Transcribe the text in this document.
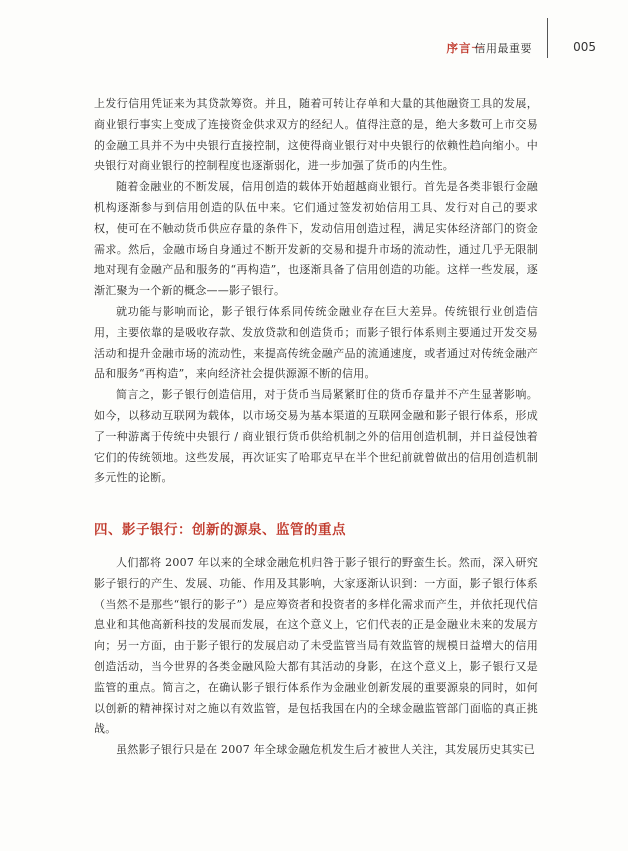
序言一
信用最重要	005

上发行信用凭证来为其贷款筹资。并且，随着可转让存单和大量的其他融资工具的发展，商业银行事实上变成了连接资金供求双方的经纪人。值得注意的是，绝大多数可上市交易的金融工具并不为中央银行直接控制，这使得商业银行对中央银行的依赖性趋向缩小。中央银行对商业银行的控制程度也逐渐弱化，进一步加强了货币的内生性。

随着金融业的不断发展，信用创造的载体开始超越商业银行。首先是各类非银行金融机构逐渐参与到信用创造的队伍中来。它们通过签发初始信用工具、发行对自己的要求权，使可在不触动货币供应存量的条件下，发动信用创造过程，满足实体经济部门的资金需求。然后，金融市场自身通过不断开发新的交易和提升市场的流动性，通过几乎无限制地对现有金融产品和服务的“再构造”，也逐渐具备了信用创造的功能。这样一些发展，逐渐汇聚为一个新的概念——影子银行。

就功能与影响而论，影子银行体系同传统金融业存在巨大差异。传统银行业创造信用，主要依靠的是吸收存款、发放贷款和创造货币；而影子银行体系则主要通过开发交易活动和提升金融市场的流动性，来提高传统金融产品的流通速度，或者通过对传统金融产品和服务“再构造”，来向经济社会提供源源不断的信用。

简言之，影子银行创造信用，对于货币当局紧紧盯住的货币存量并不产生显著影响。如今，以移动互联网为载体，以市场交易为基本渠道的互联网金融和影子银行体系，形成了一种游离于传统中央银行 / 商业银行货币供给机制之外的信用创造机制，并日益侵蚀着它们的传统领地。这些发展，再次证实了哈耶克早在半个世纪前就曾做出的信用创造机制多元性的论断。

四、影子银行：创新的源泉、监管的重点

人们都将 2007 年以来的全球金融危机归咎于影子银行的野蛮生长。然而，深入研究影子银行的产生、发展、功能、作用及其影响，大家逐渐认识到：一方面，影子银行体系（当然不是那些“银行的影子”）是应筹资者和投资者的多样化需求而产生，并依托现代信息业和其他高新科技的发展而发展，在这个意义上，它们代表的正是金融业未来的发展方向；另一方面，由于影子银行的发展启动了未受监管当局有效监管的规模日益增大的信用创造活动，当今世界的各类金融风险大都有其活动的身影，在这个意义上，影子银行又是监管的重点。简言之，在确认影子银行体系作为金融业创新发展的重要源泉的同时，如何以创新的精神探讨对之施以有效监管，是包括我国在内的全球金融监管部门面临的真正挑战。

虽然影子银行只是在 2007 年全球金融危机发生后才被世人关注，其发展历史其实已
